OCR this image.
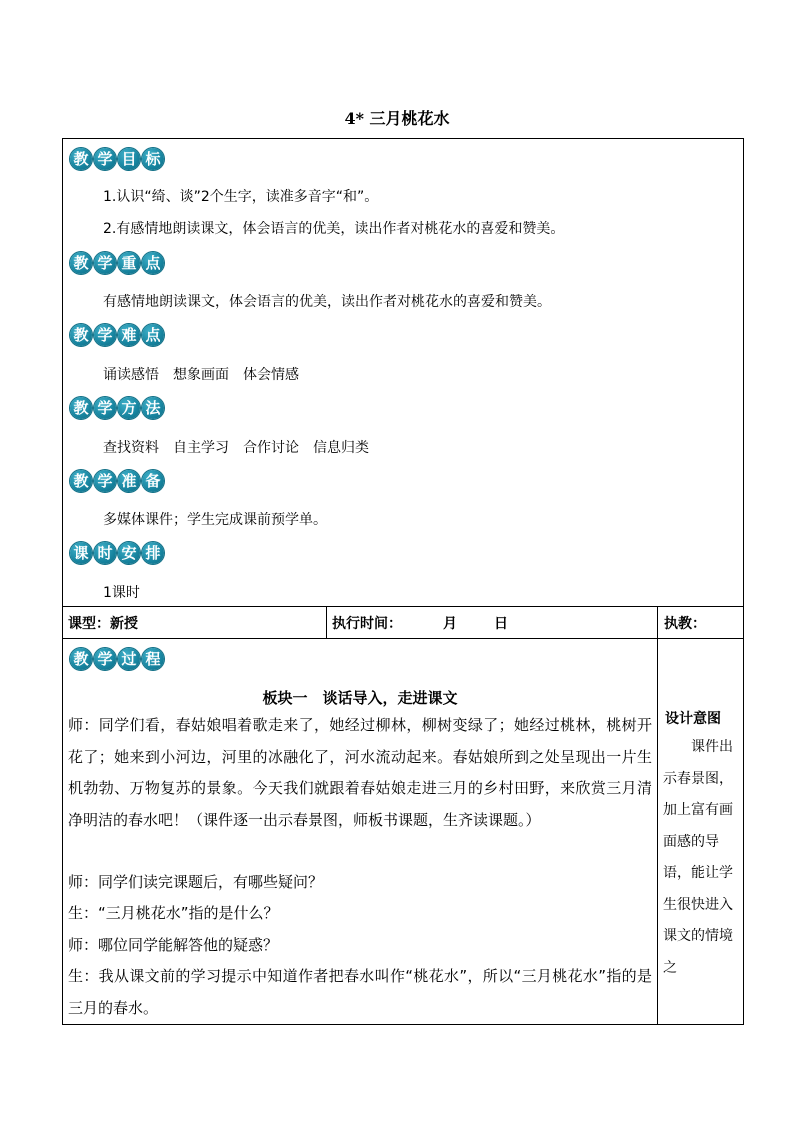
4* 三月桃花水
教 学 目 标
1.认识“绮、谈”2个生字，读准多音字“和”。
2.有感情地朗读课文，体会语言的优美，读出作者对桃花水的喜爱和赞美。
教 学 重 点
有感情地朗读课文，体会语言的优美，读出作者对桃花水的喜爱和赞美。
教 学 难 点
诵读感悟　想象画面　体会情感
教 学 方 法
查找资料　自主学习　合作讨论　信息归类
教 学 准 备
多媒体课件；学生完成课前预学单。
课 时 安 排
1课时
课型：新授	执行时间：	月	日	执教：
教 学 过 程
板块一　谈话导入，走进课文
师：同学们看，春姑娘唱着歌走来了，她经过柳林，柳树变绿了；她经过桃林，桃树开花了；她来到小河边，河里的冰融化了，河水流动起来。春姑娘所到之处呈现出一片生机勃勃、万物复苏的景象。今天我们就跟着春姑娘走进三月的乡村田野，来欣赏三月清净明洁的春水吧！（课件逐一出示春景图，师板书课题，生齐读课题。）
师：同学们读完课题后，有哪些疑问？
生：“三月桃花水”指的是什么？
师：哪位同学能解答他的疑惑？
生：我从课文前的学习提示中知道作者把春水叫作“桃花水”，所以“三月桃花水”指的是三月的春水。
设计意图
课件出示春景图，加上富有画面感的导语，能让学生很快进入课文的情境之
